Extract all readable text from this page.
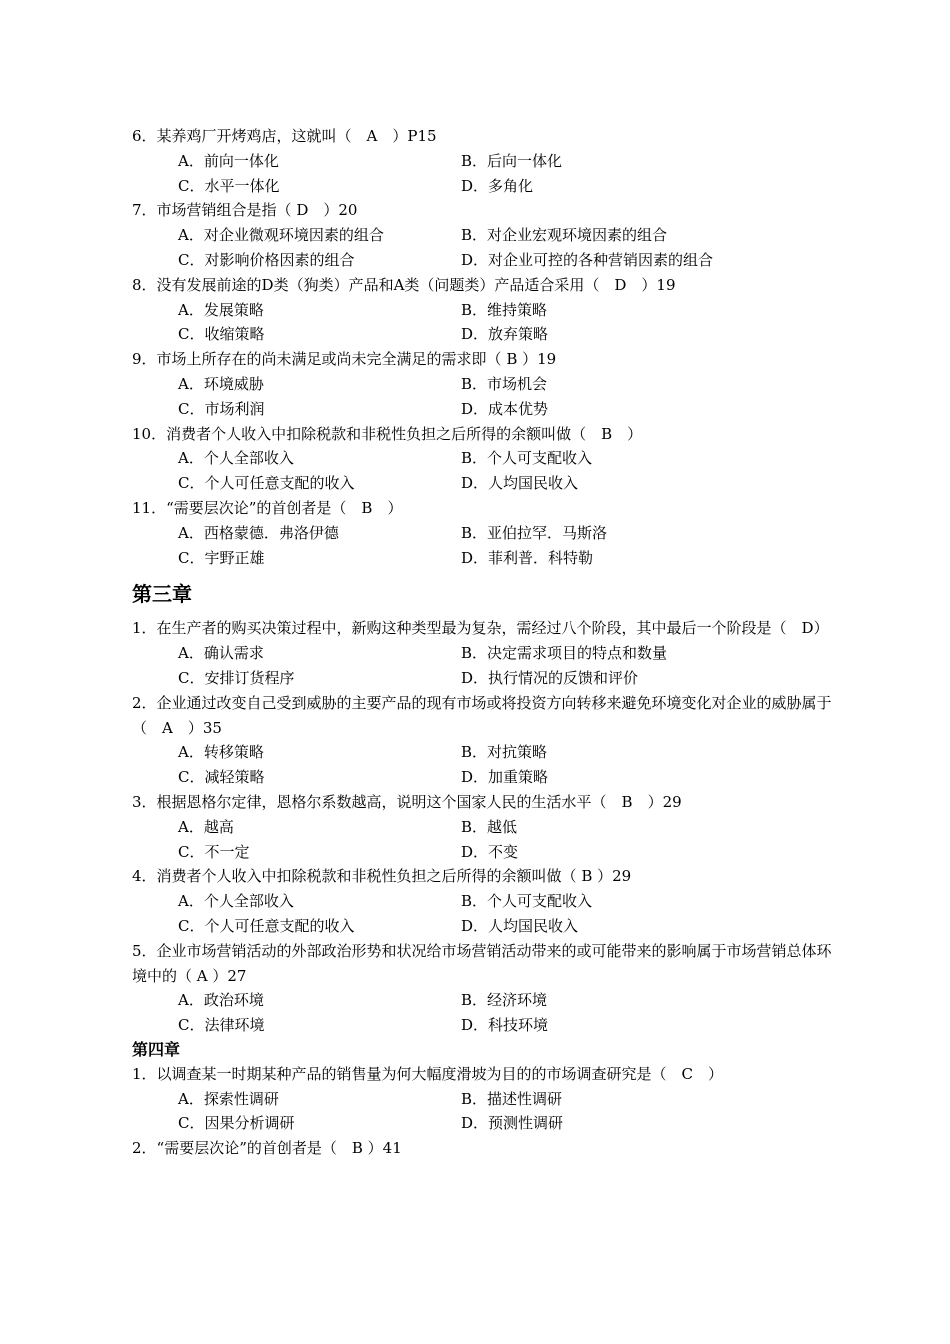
6．某养鸡厂开烤鸡店，这就叫（　A　）P15
A．前向一体化	B．后向一体化
C．水平一体化	D．多角化
7．市场营销组合是指（ D　）20
A．对企业微观环境因素的组合	B．对企业宏观环境因素的组合
C．对影响价格因素的组合	D．对企业可控的各种营销因素的组合
8．没有发展前途的D类（狗类）产品和A类（问题类）产品适合采用（　D　）19
A．发展策略	B．维持策略
C．收缩策略	D．放弃策略
9．市场上所存在的尚未满足或尚未完全满足的需求即（ B ）19
A．环境威胁	B．市场机会
C．市场利润	D．成本优势
10．消费者个人收入中扣除税款和非税性负担之后所得的余额叫做（　B　）
A．个人全部收入	B．个人可支配收入
C．个人可任意支配的收入	D．人均国民收入
11．“需要层次论”的首创者是（　B　）
A．西格蒙德．弗洛伊德	B．亚伯拉罕．马斯洛
C．宇野正雄	D．菲利普．科特勒
第三章
1．在生产者的购买决策过程中，新购这种类型最为复杂，需经过八个阶段，其中最后一个阶段是（　D）
A．确认需求	B．决定需求项目的特点和数量
C．安排订货程序	D．执行情况的反馈和评价
2．企业通过改变自己受到威胁的主要产品的现有市场或将投资方向转移来避免环境变化对企业的威胁属于（　A　）35
A．转移策略	B．对抗策略
C．减轻策略	D．加重策略
3．根据恩格尔定律，恩格尔系数越高，说明这个国家人民的生活水平（　B　）29
A．越高	B．越低
C．不一定	D．不变
4．消费者个人收入中扣除税款和非税性负担之后所得的余额叫做（ B ）29
A．个人全部收入	B．个人可支配收入
C．个人可任意支配的收入	D．人均国民收入
5．企业市场营销活动的外部政治形势和状况给市场营销活动带来的或可能带来的影响属于市场营销总体环境中的（ A ）27
A．政治环境	B．经济环境
C．法律环境	D．科技环境
第四章
1．以调查某一时期某种产品的销售量为何大幅度滑坡为目的的市场调查研究是（　C　）
A．探索性调研	B．描述性调研
C．因果分析调研	D．预测性调研
2．“需要层次论”的首创者是（　B ）41
